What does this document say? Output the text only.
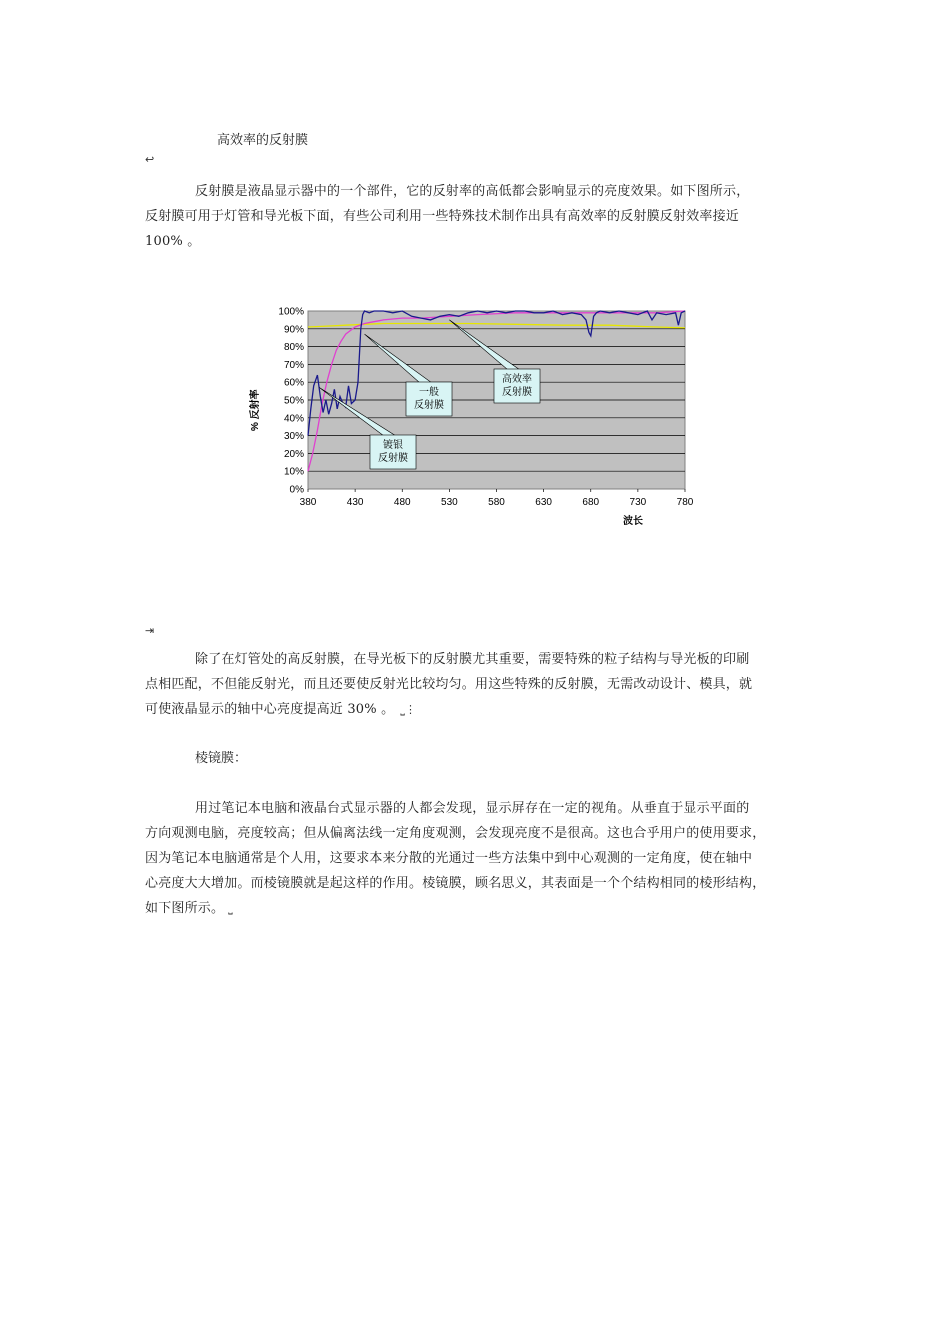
高效率的反射膜
↩
反射膜是液晶显示器中的一个部件，它的反射率的高低都会影响显示的亮度效果。如下图所示，
反射膜可用于灯管和导光板下面，有些公司利用一些特殊技术制作出具有高效率的反射膜反射效率接近
100% 。
0%
10%
20%
30%
40%
50%
60%
70%
80%
90%
100%
380	430	480	530	580	630	680	730	780
一般
反射膜
高效率
反射膜
镀银
反射膜
% 反射率
波长
⇥
除了在灯管处的高反射膜，在导光板下的反射膜尤其重要，需要特殊的粒子结构与导光板的印刷
点相匹配，不但能反射光，而且还要使反射光比较均匀。用这些特殊的反射膜，无需改动设计、模具，就
可使液晶显示的轴中心亮度提高近 30% 。 ⎵⋮
棱镜膜：
用过笔记本电脑和液晶台式显示器的人都会发现，显示屏存在一定的视角。从垂直于显示平面的
方向观测电脑，亮度较高；但从偏离法线一定角度观测，会发现亮度不是很高。这也合乎用户的使用要求，
因为笔记本电脑通常是个人用，这要求本来分散的光通过一些方法集中到中心观测的一定角度，使在轴中
心亮度大大增加。而棱镜膜就是起这样的作用。棱镜膜，顾名思义，其表面是一个个结构相同的棱形结构，
如下图所示。 ⎵
